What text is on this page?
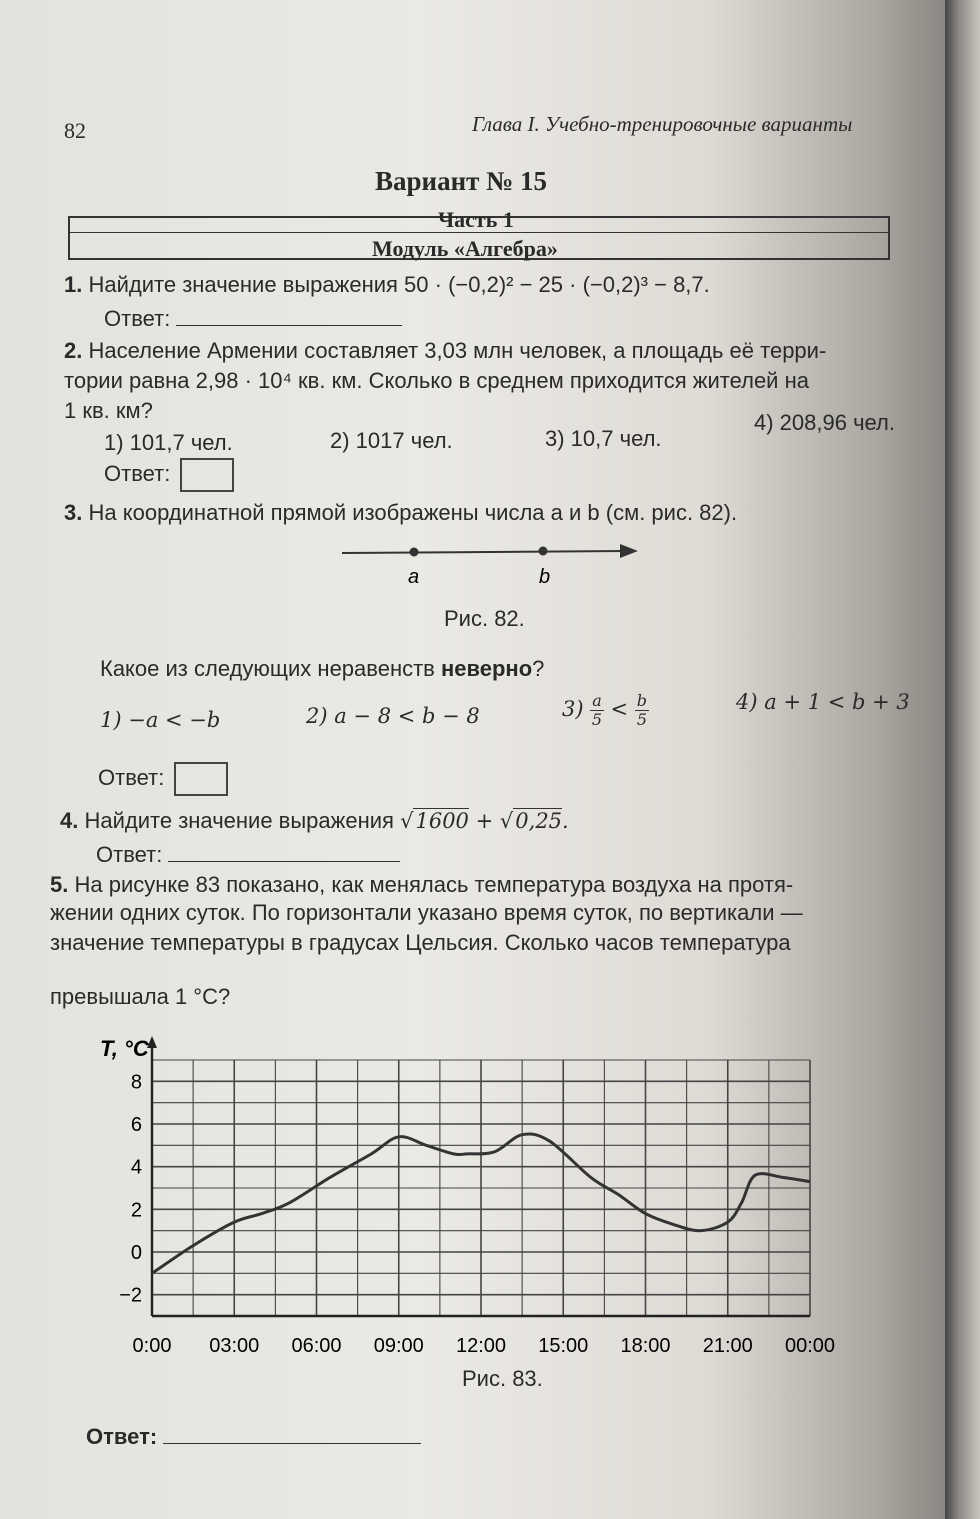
82	Глава I. Учебно-тренировочные варианты
Вариант № 15
Часть 1
Модуль «Алгебра»
1. Найдите значение выражения 50 · (−0,2)² − 25 · (−0,2)³ − 8,7.
Ответ:
2. Население Армении составляет 3,03 млн человек, а площадь её терри-
тории равна 2,98 · 10⁴ кв. км. Сколько в среднем приходится жителей на
1 кв. км?
1) 101,7 чел.	2) 1017 чел.	3) 10,7 чел.
4) 208,96 чел.
Ответ:
3. На координатной прямой изображены числа a и b (см. рис. 82).
a	b
Рис. 82.
Какое из следующих неравенств неверно?
1) −a < −b	2) a − 8 < b − 8	$3) \frac{a}{5} < \frac{b}{5}$	4) a + 1 < b + 3
Ответ:
4. Найдите значение выражения √1600 + √0,25.
Ответ:
5. На рисунке 83 показано, как менялась температура воздуха на протя-
жении одних суток. По горизонтали указано время суток, по вертикали —
значение температуры в градусах Цельсия. Сколько часов температура
превышала 1 °C?
−2
0
2
4
6
8
0:00 03:00 06:00 09:00 12:00 15:00 18:00 21:00 00:00
T, °C
Рис. 83.
Ответ:
